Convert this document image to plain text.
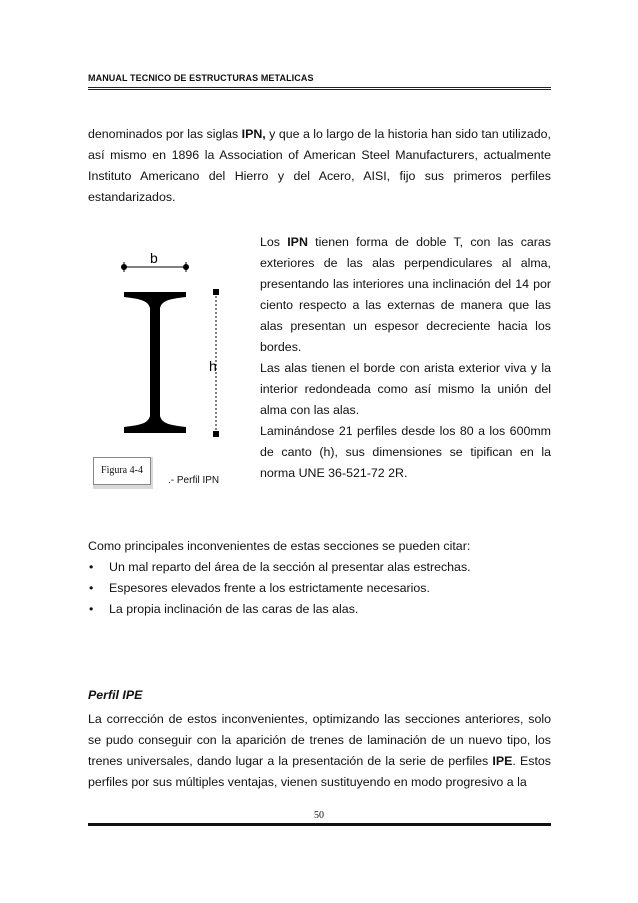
MANUAL TECNICO DE ESTRUCTURAS METALICAS
denominados por las siglas IPN, y que a lo largo de la historia han sido tan utilizado, así mismo en 1896 la Association of American Steel Manufacturers, actualmente Instituto Americano del Hierro y del Acero, AISI, fijo sus primeros perfiles estandarizados.
b
h
Figura 4-4
.- Perfil IPN

Los IPN tienen forma de doble T, con las caras exteriores de las alas perpendiculares al alma, presentando las interiores una inclinación del 14 por ciento respecto a las externas de manera que las alas presentan un espesor decreciente hacia los bordes.

Las alas tienen el borde con arista exterior viva y la interior redondeada como así mismo la unión del alma con las alas.

Laminándose 21 perfiles desde los 80 a los 600mm de canto (h), sus dimensiones se tipifican en la norma UNE 36-521-72 2R.

Como principales inconvenientes de estas secciones se pueden citar:

• Un mal reparto del área de la sección al presentar alas estrechas.
• Espesores elevados frente a los estrictamente necesarios.
• La propia inclinación de las caras de las alas.
Perfil IPE
La corrección de estos inconvenientes, optimizando las secciones anteriores, solo se pudo conseguir con la aparición de trenes de laminación de un nuevo tipo, los trenes universales, dando lugar a la presentación de la serie de perfiles IPE. Estos perfiles por sus múltiples ventajas, vienen sustituyendo en modo progresivo a la
50
